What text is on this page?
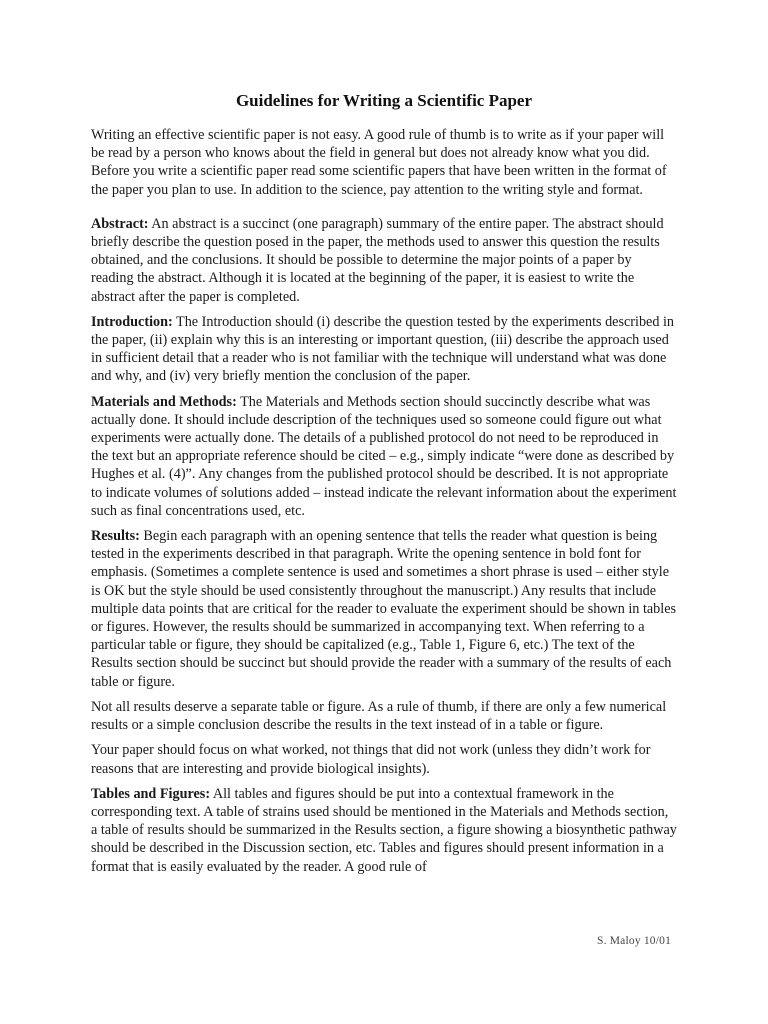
Guidelines for Writing a Scientific Paper

Writing an effective scientific paper is not easy. A good rule of thumb is to write as if your paper will be read by a person who knows about the field in general but does not already know what you did. Before you write a scientific paper read some scientific papers that have been written in the format of the paper you plan to use. In addition to the science, pay attention to the writing style and format.

Abstract: An abstract is a succinct (one paragraph) summary of the entire paper. The abstract should briefly describe the question posed in the paper, the methods used to answer this question the results obtained, and the conclusions. It should be possible to determine the major points of a paper by reading the abstract. Although it is located at the beginning of the paper, it is easiest to write the abstract after the paper is completed.

Introduction: The Introduction should (i) describe the question tested by the experiments described in the paper, (ii) explain why this is an interesting or important question, (iii) describe the approach used in sufficient detail that a reader who is not familiar with the technique will understand what was done and why, and (iv) very briefly mention the conclusion of the paper.

Materials and Methods: The Materials and Methods section should succinctly describe what was actually done. It should include description of the techniques used so someone could figure out what experiments were actually done. The details of a published protocol do not need to be reproduced in the text but an appropriate reference should be cited – e.g., simply indicate “were done as described by Hughes et al. (4)”. Any changes from the published protocol should be described. It is not appropriate to indicate volumes of solutions added – instead indicate the relevant information about the experiment such as final concentrations used, etc.

Results: Begin each paragraph with an opening sentence that tells the reader what question is being tested in the experiments described in that paragraph. Write the opening sentence in bold font for emphasis. (Sometimes a complete sentence is used and sometimes a short phrase is used – either style is OK but the style should be used consistently throughout the manuscript.) Any results that include multiple data points that are critical for the reader to evaluate the experiment should be shown in tables or figures. However, the results should be summarized in accompanying text. When referring to a particular table or figure, they should be capitalized (e.g., Table 1, Figure 6, etc.) The text of the Results section should be succinct but should provide the reader with a summary of the results of each table or figure.

Not all results deserve a separate table or figure. As a rule of thumb, if there are only a few numerical results or a simple conclusion describe the results in the text instead of in a table or figure.

Your paper should focus on what worked, not things that did not work (unless they didn’t work for reasons that are interesting and provide biological insights).

Tables and Figures: All tables and figures should be put into a contextual framework in the corresponding text. A table of strains used should be mentioned in the Materials and Methods section, a table of results should be summarized in the Results section, a figure showing a biosynthetic pathway should be described in the Discussion section, etc. Tables and figures should present information in a format that is easily evaluated by the reader. A good rule of

S. Maloy 10/01
